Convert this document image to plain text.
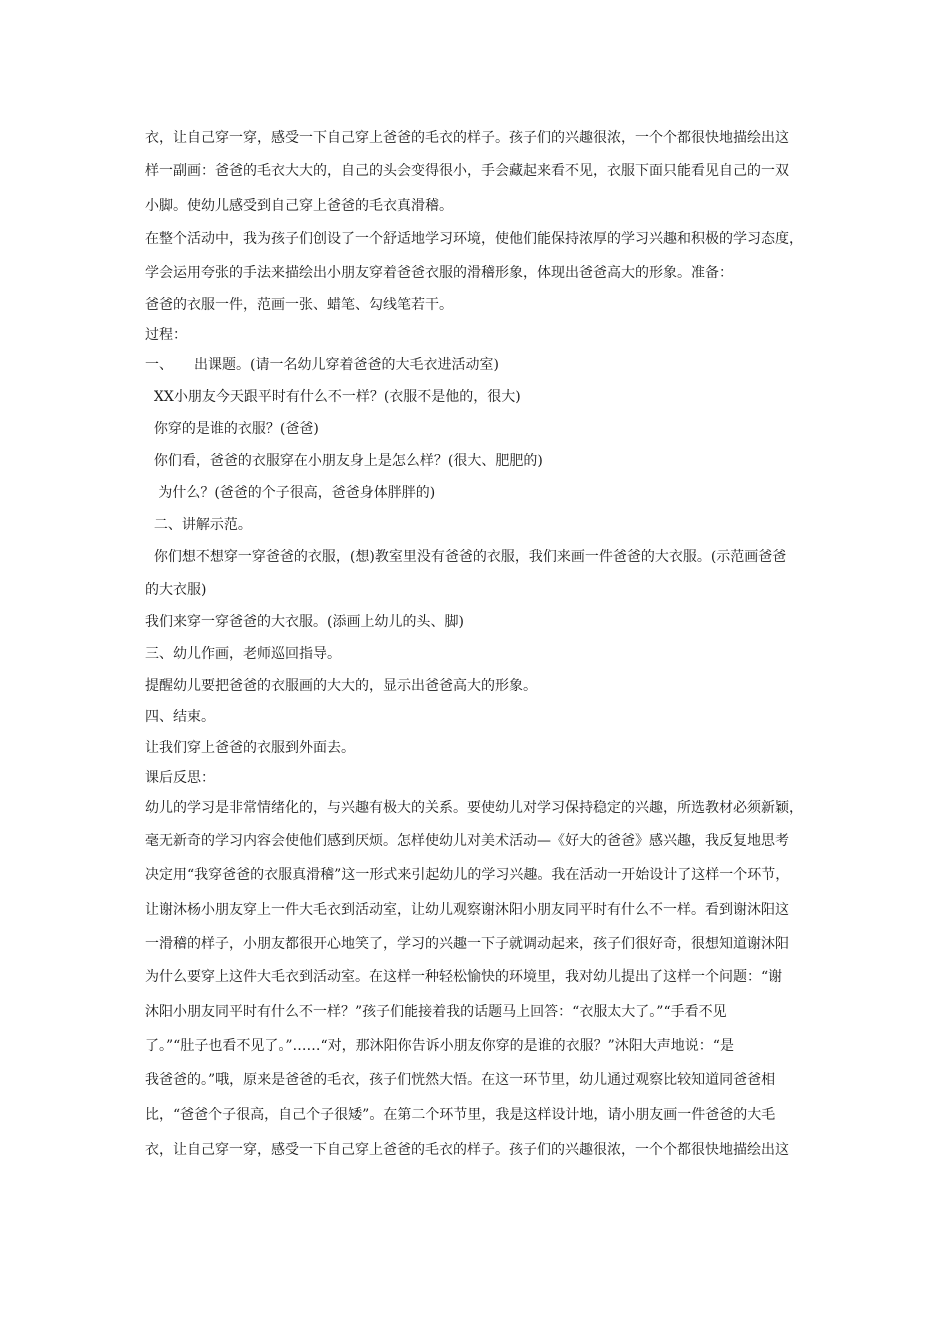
衣，让自己穿一穿，感受一下自己穿上爸爸的毛衣的样子。孩子们的兴趣很浓，一个个都很快地描绘出这
样一副画：爸爸的毛衣大大的，自己的头会变得很小，手会藏起来看不见，衣服下面只能看见自己的一双
小脚。使幼儿感受到自己穿上爸爸的毛衣真滑稽。
在整个活动中，我为孩子们创设了一个舒适地学习环境，使他们能保持浓厚的学习兴趣和积极的学习态度，
学会运用夸张的手法来描绘出小朋友穿着爸爸衣服的滑稽形象，体现出爸爸高大的形象。准备：
爸爸的衣服一件，范画一张、蜡笔、勾线笔若干。
过程：
一、　　出课题。(请一名幼儿穿着爸爸的大毛衣进活动室)
XX小朋友今天跟平时有什么不一样？(衣服不是他的，很大)
你穿的是谁的衣服？(爸爸)
你们看，爸爸的衣服穿在小朋友身上是怎么样？(很大、肥肥的)
为什么？(爸爸的个子很高，爸爸身体胖胖的)
二、讲解示范。
你们想不想穿一穿爸爸的衣服，(想)教室里没有爸爸的衣服，我们来画一件爸爸的大衣服。(示范画爸爸
的大衣服)
我们来穿一穿爸爸的大衣服。(添画上幼儿的头、脚)
三、幼儿作画，老师巡回指导。
提醒幼儿要把爸爸的衣服画的大大的，显示出爸爸高大的形象。
四、结束。
让我们穿上爸爸的衣服到外面去。
课后反思：
幼儿的学习是非常情绪化的，与兴趣有极大的关系。要使幼儿对学习保持稳定的兴趣，所选教材必须新颖，
毫无新奇的学习内容会使他们感到厌烦。怎样使幼儿对美术活动—《好大的爸爸》感兴趣，我反复地思考
决定用“我穿爸爸的衣服真滑稽”这一形式来引起幼儿的学习兴趣。我在活动一开始设计了这样一个环节，
让谢沐杨小朋友穿上一件大毛衣到活动室，让幼儿观察谢沐阳小朋友同平时有什么不一样。看到谢沐阳这
一滑稽的样子，小朋友都很开心地笑了，学习的兴趣一下子就调动起来，孩子们很好奇，很想知道谢沐阳
为什么要穿上这件大毛衣到活动室。在这样一种轻松愉快的环境里，我对幼儿提出了这样一个问题：“谢
沐阳小朋友同平时有什么不一样？”孩子们能接着我的话题马上回答：“衣服太大了。”“手看不见
了。”“肚子也看不见了。”……“对，那沐阳你告诉小朋友你穿的是谁的衣服？”沐阳大声地说：“是
我爸爸的。”哦，原来是爸爸的毛衣，孩子们恍然大悟。在这一环节里，幼儿通过观察比较知道同爸爸相
比，“爸爸个子很高，自己个子很矮”。在第二个环节里，我是这样设计地，请小朋友画一件爸爸的大毛
衣，让自己穿一穿，感受一下自己穿上爸爸的毛衣的样子。孩子们的兴趣很浓，一个个都很快地描绘出这
